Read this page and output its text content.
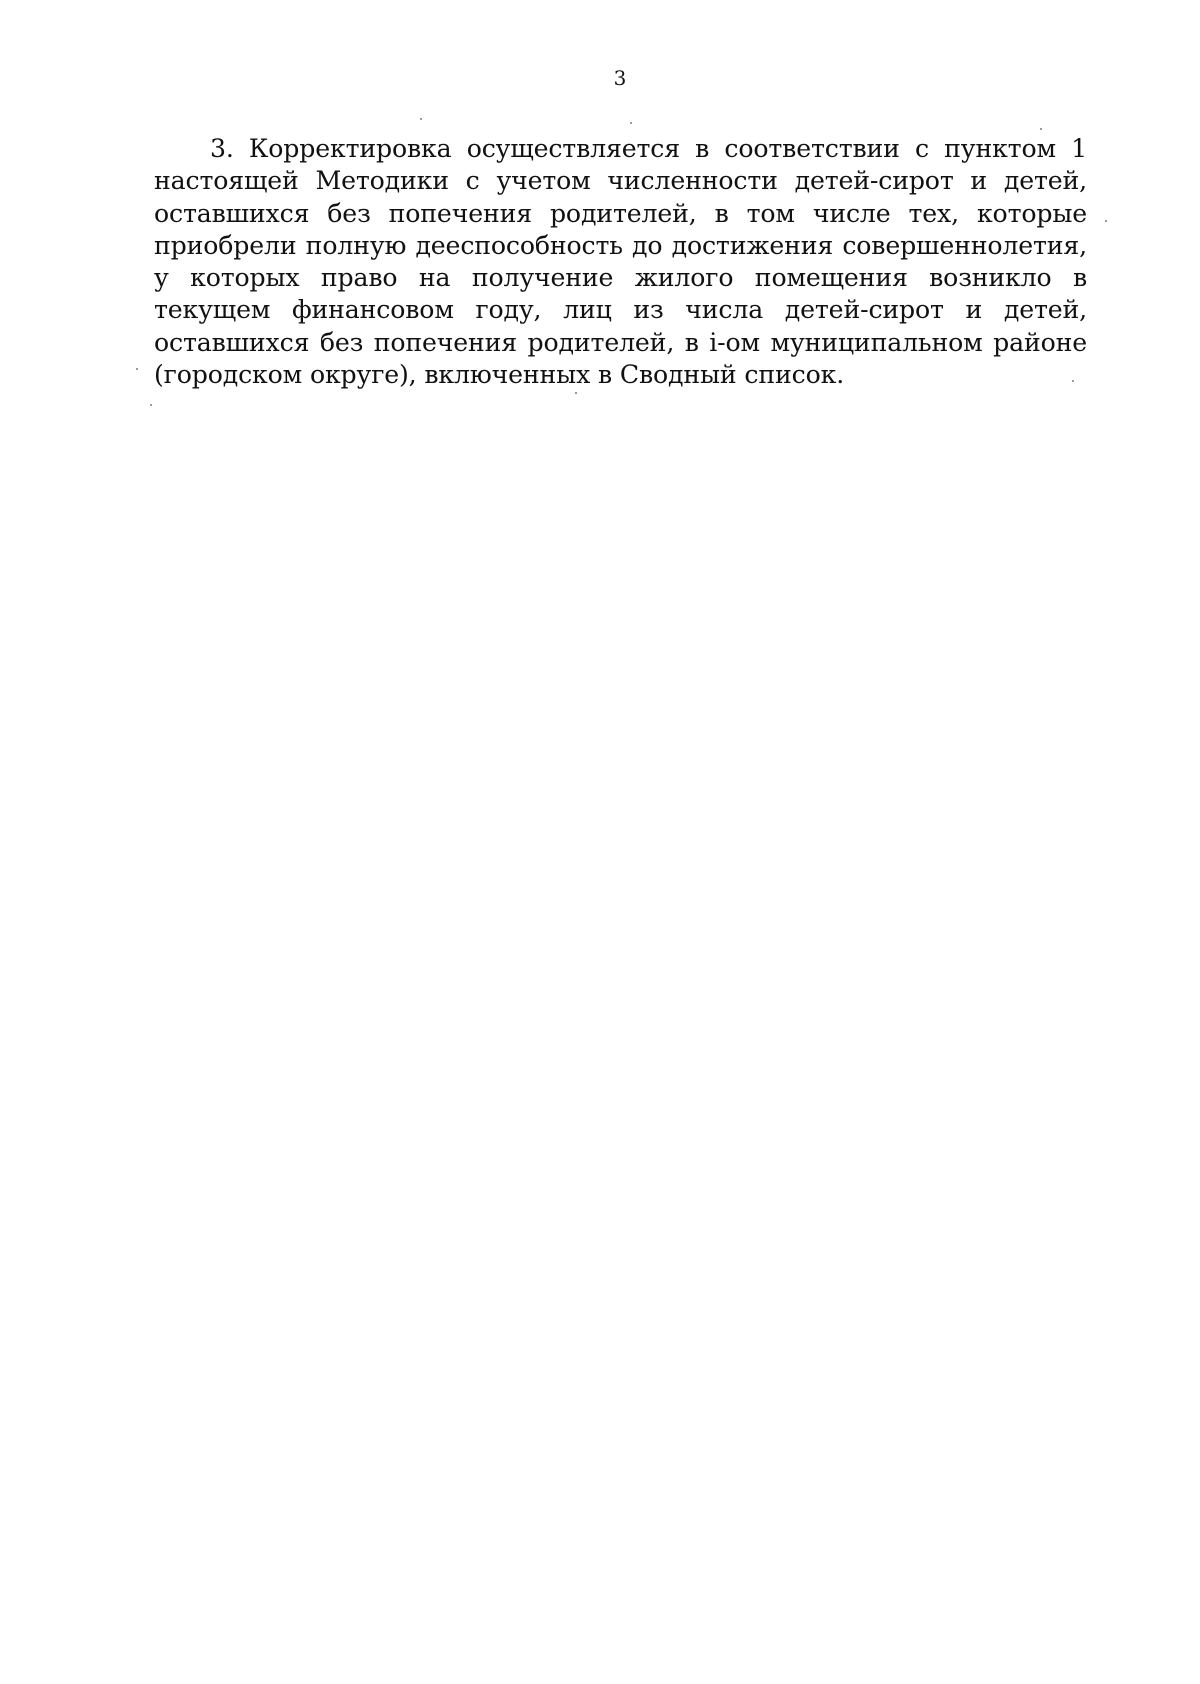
3

3. Корректировка осуществляется в соответствии с пунктом 1 настоящей Методики с учетом численности детей-сирот и детей, оставшихся без попечения родителей, в том числе тех, которые приобрели полную дееспособность до достижения совершеннолетия, у которых право на получение жилого помещения возникло в текущем финансовом году, лиц из числа детей-сирот и детей, оставшихся без попечения родителей, в i-ом муниципальном районе (городском округе), включенных в Сводный список.
